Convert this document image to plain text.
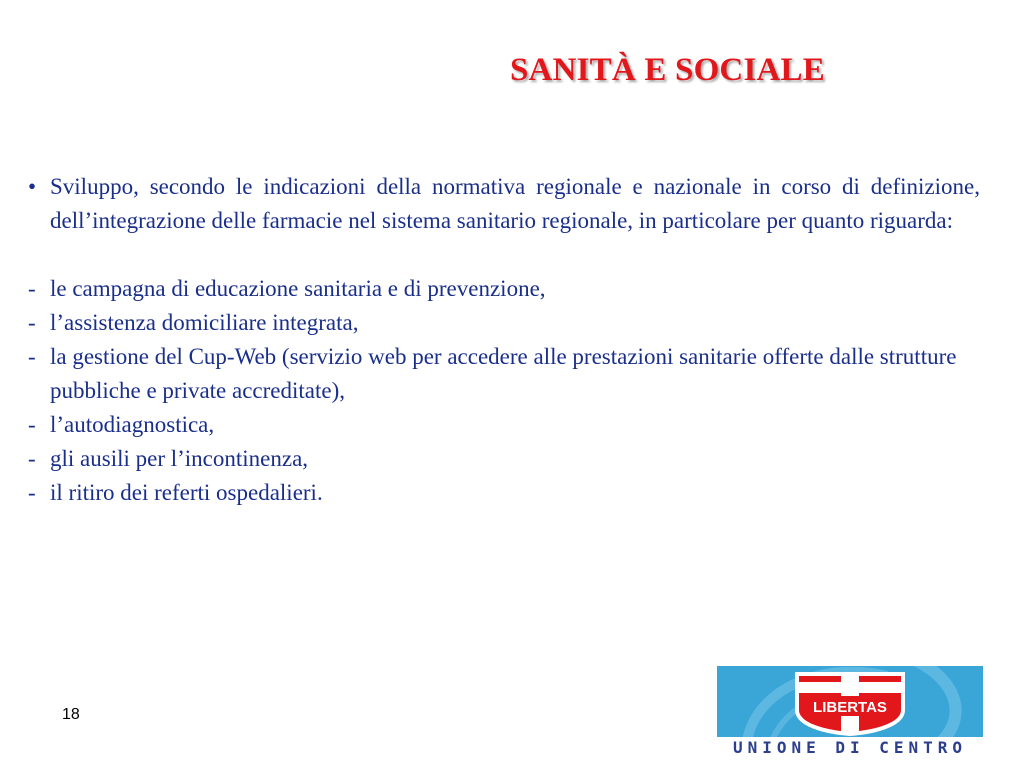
SANITÀ E SOCIALE
• Sviluppo, secondo le indicazioni della normativa regionale e nazionale in corso di definizione, dell’integrazione delle farmacie nel sistema sanitario regionale, in particolare per quanto riguarda:
- le campagna di educazione sanitaria e di prevenzione,
- l’assistenza domiciliare integrata,
- la gestione del Cup-Web (servizio web per accedere alle prestazioni sanitarie offerte dalle strutture pubbliche e private accreditate),
- l’autodiagnostica,
- gli ausili per l’incontinenza,
- il ritiro dei referti ospedalieri.
18	LIBERTAS
UNIONE DI CENTRO
